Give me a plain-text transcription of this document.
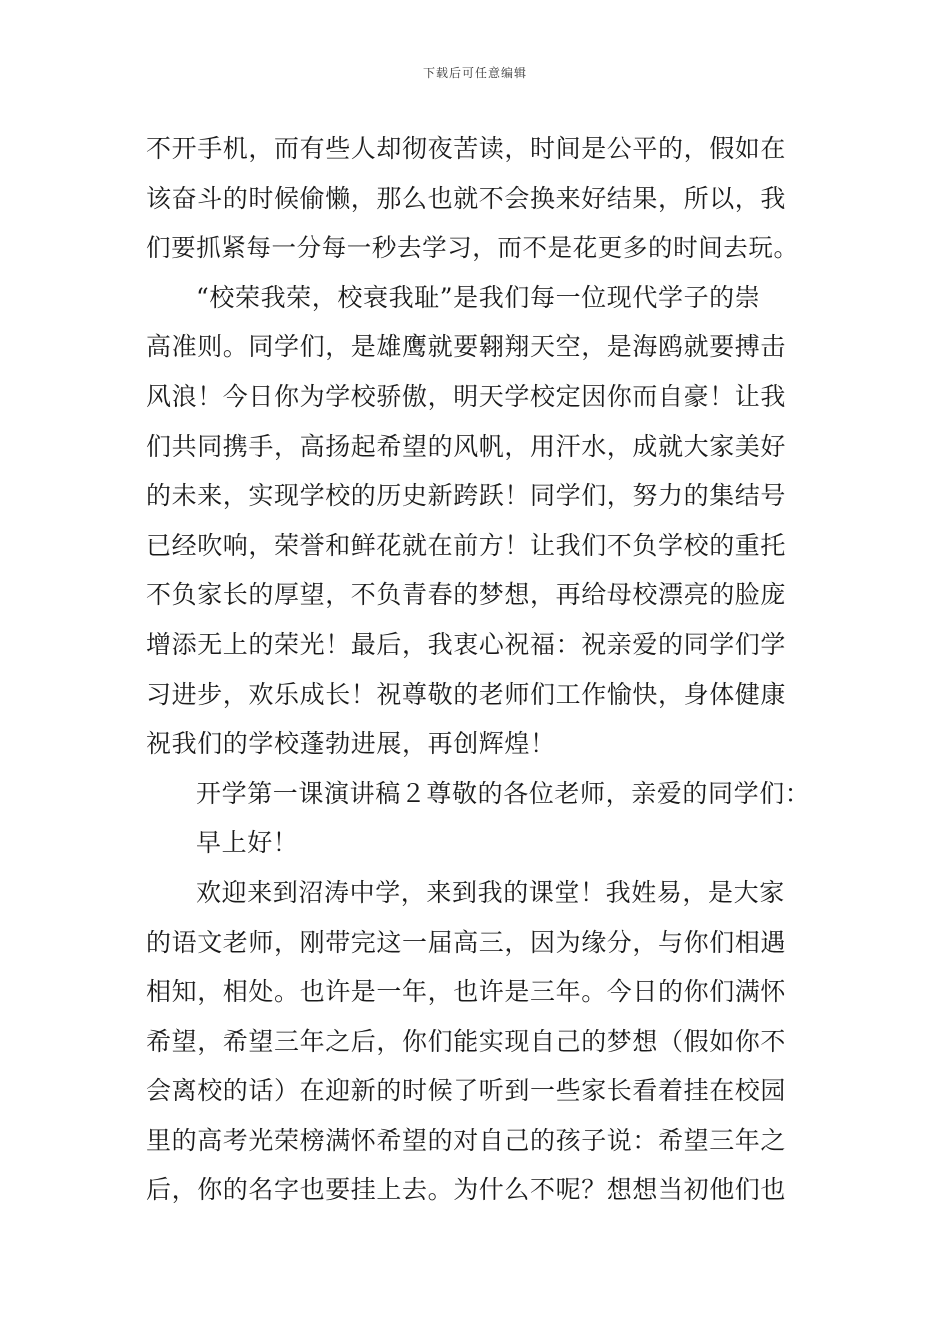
下载后可任意编辑
不开手机，而有些人却彻夜苦读，时间是公平的，假如在
该奋斗的时候偷懒，那么也就不会换来好结果，所以，我
们要抓紧每一分每一秒去学习，而不是花更多的时间去玩。
“校荣我荣，校衰我耻”是我们每一位现代学子的崇
高准则。同学们，是雄鹰就要翱翔天空，是海鸥就要搏击
风浪！今日你为学校骄傲，明天学校定因你而自豪！让我
们共同携手，高扬起希望的风帆，用汗水，成就大家美好
的未来，实现学校的历史新跨跃！同学们，努力的集结号
已经吹响，荣誉和鲜花就在前方！让我们不负学校的重托
不负家长的厚望，不负青春的梦想，再给母校漂亮的脸庞
增添无上的荣光！最后，我衷心祝福：祝亲爱的同学们学
习进步，欢乐成长！祝尊敬的老师们工作愉快，身体健康
祝我们的学校蓬勃进展，再创辉煌！
开学第一课演讲稿２尊敬的各位老师，亲爱的同学们：
早上好！
欢迎来到沼涛中学，来到我的课堂！我姓易，是大家
的语文老师，刚带完这一届高三，因为缘分，与你们相遇
相知，相处。也许是一年，也许是三年。今日的你们满怀
希望，希望三年之后，你们能实现自己的梦想（假如你不
会离校的话）在迎新的时候了听到一些家长看着挂在校园
里的高考光荣榜满怀希望的对自己的孩子说：希望三年之
后，你的名字也要挂上去。为什么不呢？想想当初他们也
